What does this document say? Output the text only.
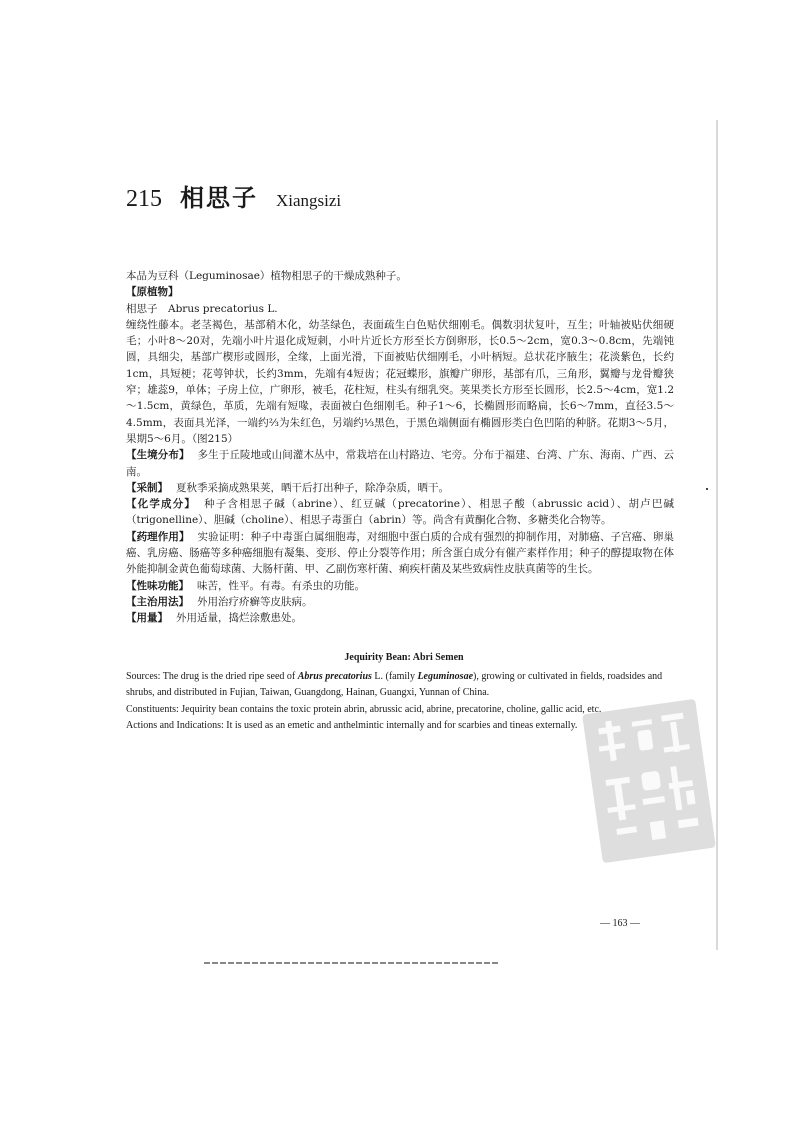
215 相思子 Xiangsizi

本品为豆科（Leguminosae）植物相思子的干燥成熟种子。

【原植物】

相思子　Abrus precatorius L.

缠绕性藤本。老茎褐色，基部稍木化，幼茎绿色，表面疏生白色贴伏细刚毛。偶数羽状复叶，互生；叶轴被贴伏细硬毛；小叶8～20对，先端小叶片退化成短刺，小叶片近长方形至长方倒卵形，长0.5～2cm，宽0.3～0.8cm，先端钝圆，具细尖，基部广楔形或圆形，全缘，上面光滑，下面被贴伏细刚毛，小叶柄短。总状花序腋生；花淡紫色，长约1cm，具短梗；花萼钟状，长约3mm，先端有4短齿；花冠蝶形，旗瓣广卵形，基部有爪，三角形，翼瓣与龙骨瓣狭窄；雄蕊9，单体；子房上位，广卵形，被毛，花柱短，柱头有细乳突。荚果类长方形至长圆形，长2.5～4cm，宽1.2～1.5cm，黄绿色，革质，先端有短喙，表面被白色细刚毛。种子1～6，长椭圆形而略扁，长6～7mm，直径3.5～4.5mm，表面具光泽，一端约⅔为朱红色，另端约⅓黑色，于黑色端侧面有椭圆形类白色凹陷的种脐。花期3～5月，果期5～6月。（图215）

【生境分布】 多生于丘陵地或山间灌木丛中，常栽培在山村路边、宅旁。分布于福建、台湾、广东、海南、广西、云南。

【采制】 夏秋季采摘成熟果荚，晒干后打出种子，除净杂质，晒干。

【化学成分】 种子含相思子碱（abrine）、红豆碱（precatorine）、相思子酸（abrussic acid）、胡卢巴碱（trigonelline）、胆碱（choline）、相思子毒蛋白（abrin）等。尚含有黄酮化合物、多糖类化合物等。

【药理作用】 实验证明：种子中毒蛋白属细胞毒，对细胞中蛋白质的合成有强烈的抑制作用，对肺癌、子宫癌、卵巢癌、乳房癌、肠癌等多种癌细胞有凝集、变形、停止分裂等作用；所含蛋白成分有催产素样作用；种子的醇提取物在体外能抑制金黄色葡萄球菌、大肠杆菌、甲、乙副伤寒杆菌、痢疾杆菌及某些致病性皮肤真菌等的生长。

【性味功能】 味苦，性平。有毒。有杀虫的功能。

【主治用法】 外用治疗疥癣等皮肤病。

【用量】 外用适量，捣烂涂敷患处。

Jequirity Bean: Abri Semen

Sources: The drug is the dried ripe seed of Abrus precatorius L. (family Leguminosae), growing or cultivated in fields, roadsides and shrubs, and distributed in Fujian, Taiwan, Guangdong, Hainan, Guangxi, Yunnan of China.

Constituents: Jequirity bean contains the toxic protein abrin, abrussic acid, abrine, precatorine, choline, gallic acid, etc.

Actions and Indications: It is used as an emetic and anthelmintic internally and for scarbies and tineas externally.

— 163 —
